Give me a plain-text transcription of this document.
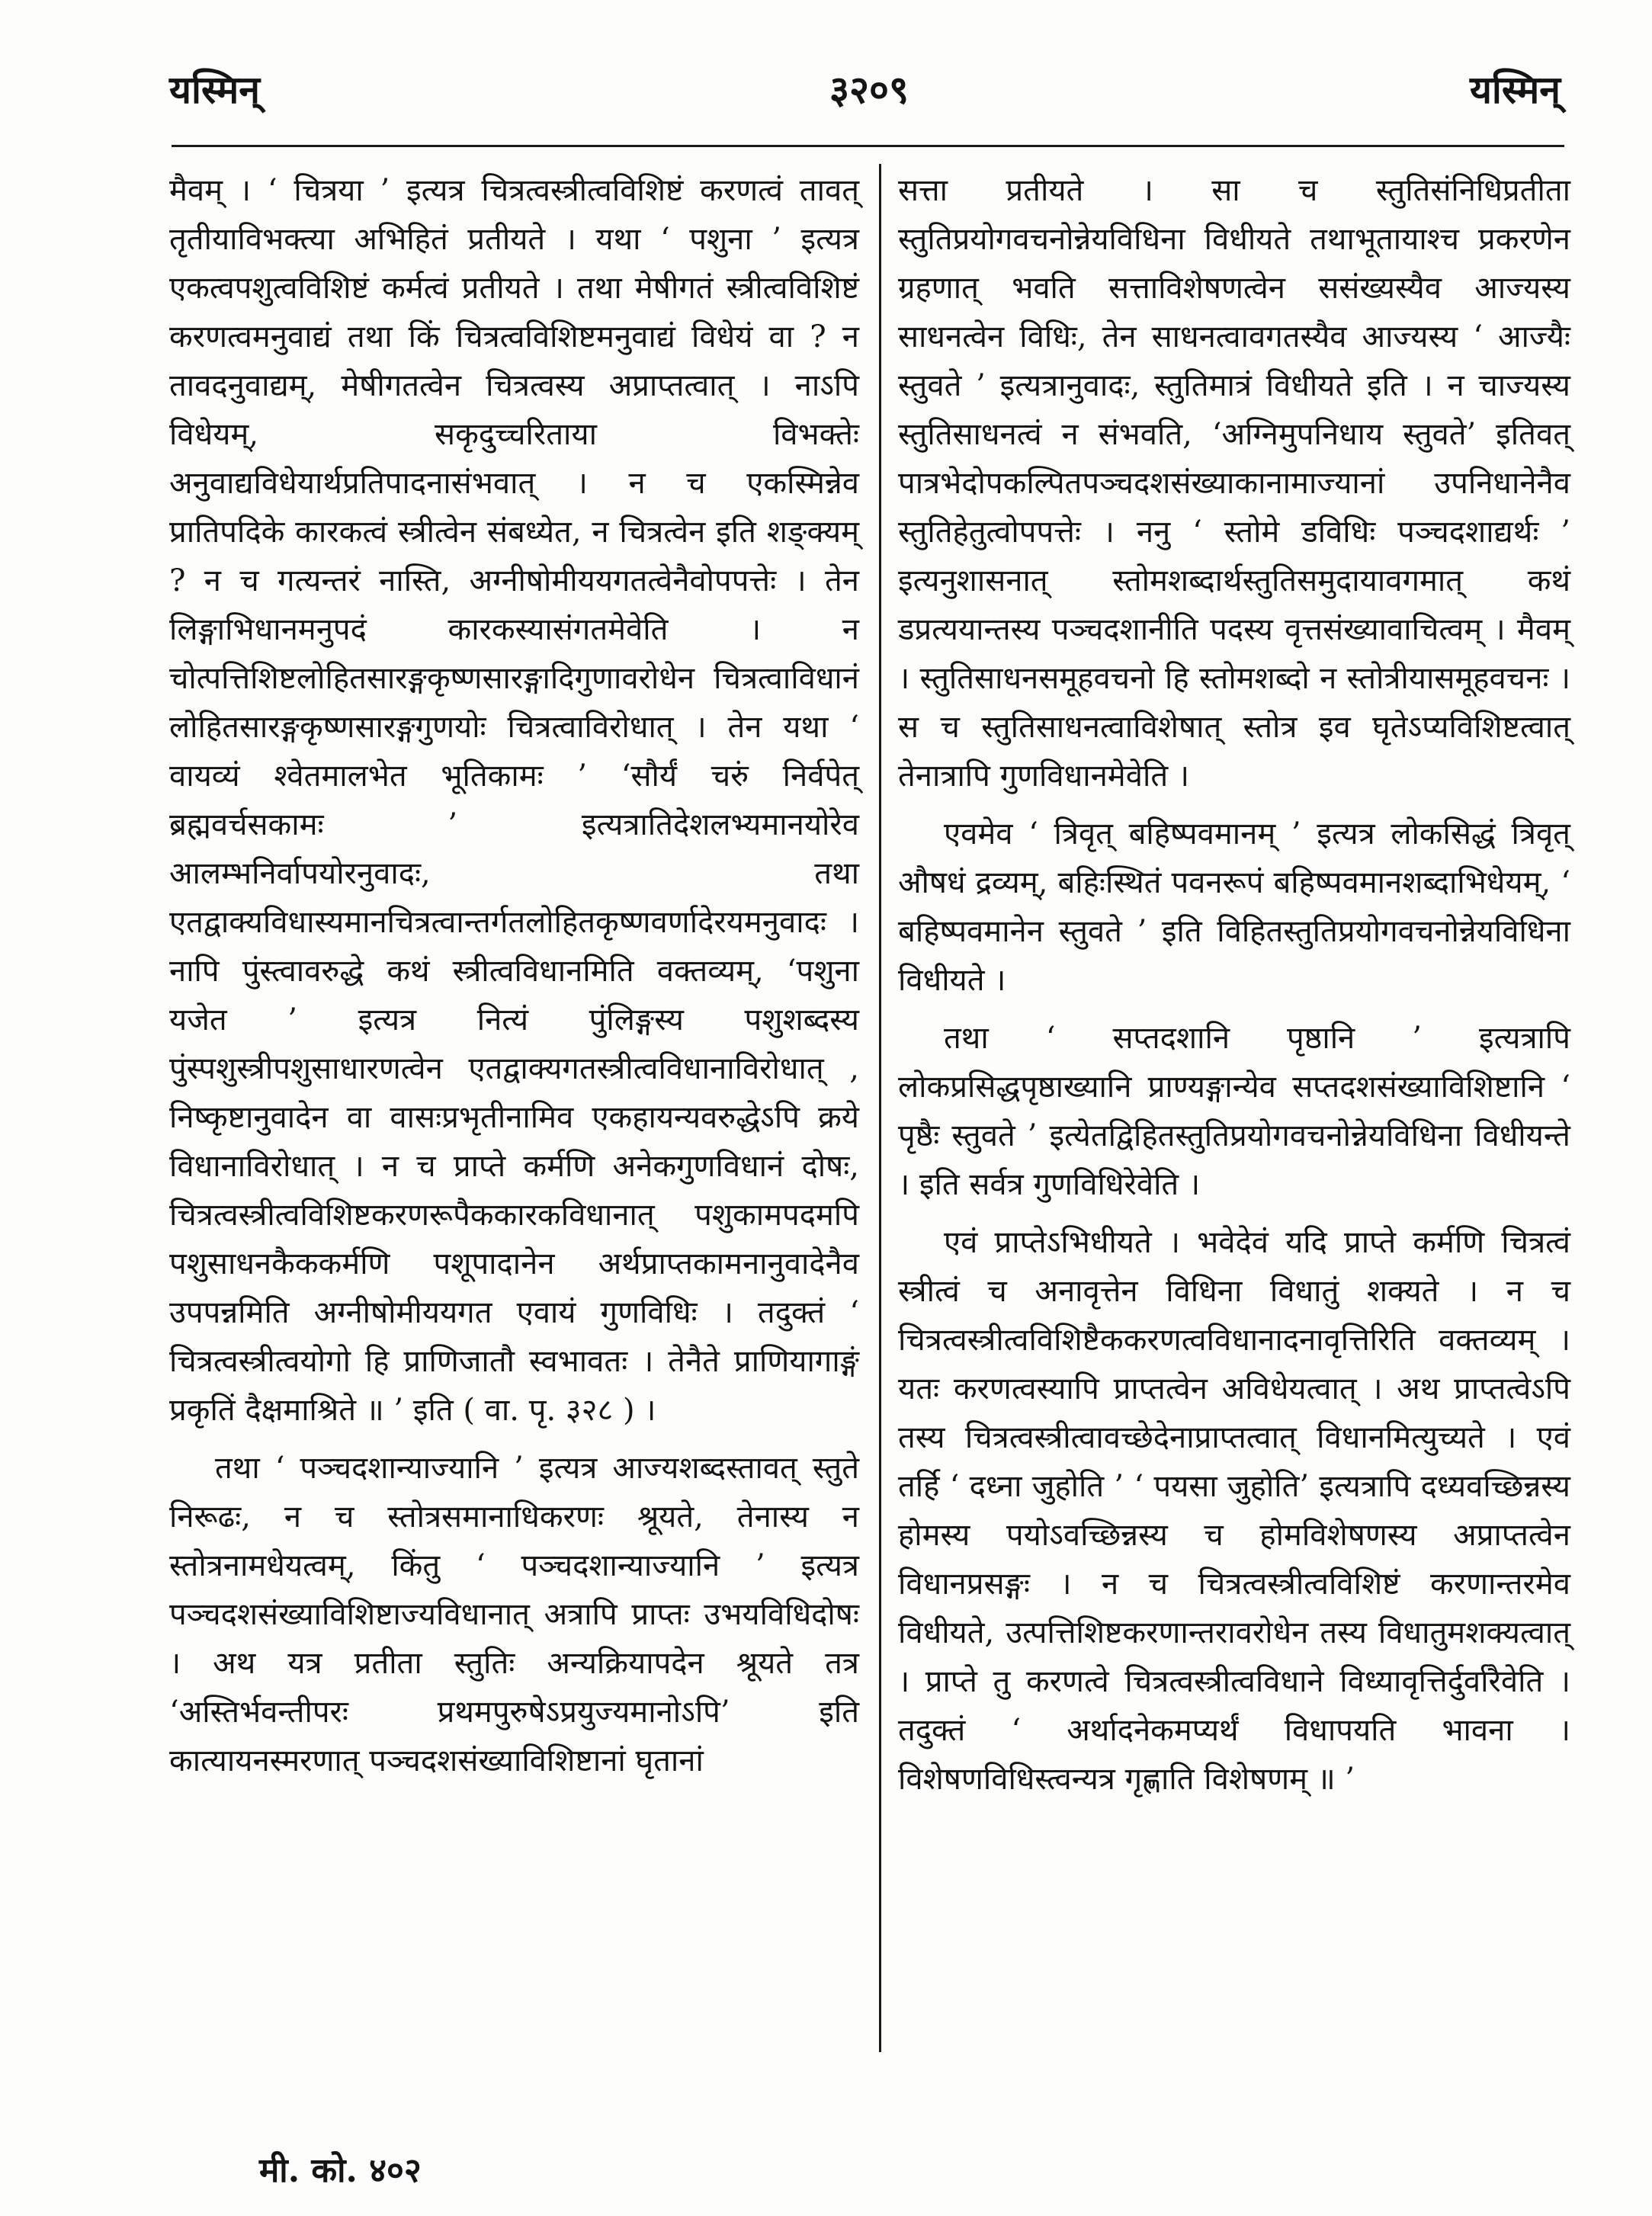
यस्मिन्	३२०९	यस्मिन्

मैवम् । ‘ चित्रया ’ इत्यत्र चित्रत्वस्त्रीत्वविशिष्टं करणत्वं तावत् तृतीयाविभक्त्या अभिहितं प्रतीयते । यथा ‘ पशुना ’ इत्यत्र एकत्वपशुत्वविशिष्टं कर्मत्वं प्रतीयते । तथा मेषीगतं स्त्रीत्वविशिष्टं करणत्वमनुवाद्यं तथा किं चित्रत्वविशिष्टमनुवाद्यं विधेयं वा ? न तावदनुवाद्यम्, मेषीगतत्वेन चित्रत्वस्य अप्राप्तत्वात् । नाऽपि विधेयम्, सकृदुच्चरिताया विभक्तेः अनुवाद्यविधेयार्थप्रतिपादनासंभवात् । न च एकस्मिन्नेव प्रातिपदिके कारकत्वं स्त्रीत्वेन संबध्येत, न चित्रत्वेन इति शङ्क्यम् ? न च गत्यन्तरं नास्ति, अग्नीषोमीययगतत्वेनैवोपपत्तेः । तेन लिङ्गाभिधानमनुपदं कारकस्यासंगतमेवेति । न चोत्पत्तिशिष्टलोहितसारङ्गकृष्णसारङ्गादिगुणावरोधेन चित्रत्वाविधानं लोहितसारङ्गकृष्णसारङ्गगुणयोः चित्रत्वाविरोधात् । तेन यथा ‘ वायव्यं श्वेतमालभेत भूतिकामः ’ ‘सौर्यं चरुं निर्वपेत् ब्रह्मवर्चसकामः ’ इत्यत्रातिदेशलभ्यमानयोरेव आलम्भनिर्वापयोरनुवादः, तथा एतद्वाक्यविधास्यमानचित्रत्वान्तर्गतलोहितकृष्णवर्णादेरयमनुवादः । नापि पुंस्त्वावरुद्धे कथं स्त्रीत्वविधानमिति वक्तव्यम्, ‘पशुना यजेत ’ इत्यत्र नित्यं पुंलिङ्गस्य पशुशब्दस्य पुंस्पशुस्त्रीपशुसाधारणत्वेन एतद्वाक्यगतस्त्रीत्वविधानाविरोधात् , निष्कृष्टानुवादेन वा वासःप्रभृतीनामिव एकहायन्यवरुद्धेऽपि क्रये विधानाविरोधात् । न च प्राप्ते कर्मणि अनेकगुणविधानं दोषः, चित्रत्वस्त्रीत्वविशिष्टकरणरूपैककारकविधानात् पशुकामपदमपि पशुसाधनकैककर्मणि पशूपादानेन अर्थप्राप्तकामनानुवादेनैव उपपन्नमिति अग्नीषोमीययगत एवायं गुणविधिः । तदुक्तं ‘ चित्रत्वस्त्रीत्वयोगो हि प्राणिजातौ स्वभावतः । तेनैते प्राणियागाङ्गं प्रकृतिं दैक्षमाश्रिते ॥ ’ इति ( वा. पृ. ३२८ ) ।

तथा ‘ पञ्चदशान्याज्यानि ’ इत्यत्र आज्यशब्दस्तावत् स्तुते निरूढः, न च स्तोत्रसमानाधिकरणः श्रूयते, तेनास्य न स्तोत्रनामधेयत्वम्, किंतु ‘ पञ्चदशान्याज्यानि ’ इत्यत्र पञ्चदशसंख्याविशिष्टाज्यविधानात् अत्रापि प्राप्तः उभयविधिदोषः । अथ यत्र प्रतीता स्तुतिः अन्यक्रियापदेन श्रूयते तत्र ‘अस्तिर्भवन्तीपरः प्रथमपुरुषेऽप्रयुज्यमानोऽपि’ इति कात्यायनस्मरणात् पञ्चदशसंख्याविशिष्टानां घृतानां

सत्ता प्रतीयते । सा च स्तुतिसंनिधिप्रतीता स्तुतिप्रयोगवचनोन्नेयविधिना विधीयते तथाभूतायाश्च प्रकरणेन ग्रहणात् भवति सत्ताविशेषणत्वेन ससंख्यस्यैव आज्यस्य साधनत्वेन विधिः, तेन साधनत्वावगतस्यैव आज्यस्य ‘ आज्यैः स्तुवते ’ इत्यत्रानुवादः, स्तुतिमात्रं विधीयते इति । न चाज्यस्य स्तुतिसाधनत्वं न संभवति, ‘अग्निमुपनिधाय स्तुवते’ इतिवत् पात्रभेदोपकल्पितपञ्चदशसंख्याकानामाज्यानां उपनिधानेनैव स्तुतिहेतुत्वोपपत्तेः । ननु ‘ स्तोमे डविधिः पञ्चदशाद्यर्थः ’ इत्यनुशासनात् स्तोमशब्दार्थस्तुतिसमुदायावगमात् कथं डप्रत्ययान्तस्य पञ्चदशानीति पदस्य वृत्तसंख्यावाचित्वम् । मैवम् । स्तुतिसाधनसमूहवचनो हि स्तोमशब्दो न स्तोत्रीयासमूहवचनः । स च स्तुतिसाधनत्वाविशेषात् स्तोत्र इव घृतेऽप्यविशिष्टत्वात् तेनात्रापि गुणविधानमेवेति ।

एवमेव ‘ त्रिवृत् बहिष्पवमानम् ’ इत्यत्र लोकसिद्धं त्रिवृत् औषधं द्रव्यम्, बहिःस्थितं पवनरूपं बहिष्पवमानशब्दाभिधेयम्, ‘ बहिष्पवमानेन स्तुवते ’ इति विहितस्तुतिप्रयोगवचनोन्नेयविधिना विधीयते ।

तथा ‘ सप्तदशानि पृष्ठानि ’ इत्यत्रापि लोकप्रसिद्धपृष्ठाख्यानि प्राण्यङ्गान्येव सप्तदशसंख्याविशिष्टानि ‘ पृष्ठैः स्तुवते ’ इत्येतद्विहितस्तुतिप्रयोगवचनोन्नेयविधिना विधीयन्ते । इति सर्वत्र गुणविधिरेवेति ।

एवं प्राप्तेऽभिधीयते । भवेदेवं यदि प्राप्ते कर्मणि चित्रत्वं स्त्रीत्वं च अनावृत्तेन विधिना विधातुं शक्यते । न च चित्रत्वस्त्रीत्वविशिष्टैककरणत्वविधानादनावृत्तिरिति वक्तव्यम् । यतः करणत्वस्यापि प्राप्तत्वेन अविधेयत्वात् । अथ प्राप्तत्वेऽपि तस्य चित्रत्वस्त्रीत्वावच्छेदेनाप्राप्तत्वात् विधानमित्युच्यते । एवं तर्हि ‘ दध्ना जुहोति ’ ‘ पयसा जुहोति’ इत्यत्रापि दध्यवच्छिन्नस्य होमस्य पयोऽवच्छिन्नस्य च होमविशेषणस्य अप्राप्तत्वेन विधानप्रसङ्गः । न च चित्रत्वस्त्रीत्वविशिष्टं करणान्तरमेव विधीयते, उत्पत्तिशिष्टकरणान्तरावरोधेन तस्य विधातुमशक्यत्वात् । प्राप्ते तु करणत्वे चित्रत्वस्त्रीत्वविधाने विध्यावृत्तिर्दुर्वारैवेति । तदुक्तं ‘ अर्थादनेकमप्यर्थं विधापयति भावना । विशेषणविधिस्त्वन्यत्र गृह्णाति विशेषणम् ॥ ’

मी. को. ४०२
